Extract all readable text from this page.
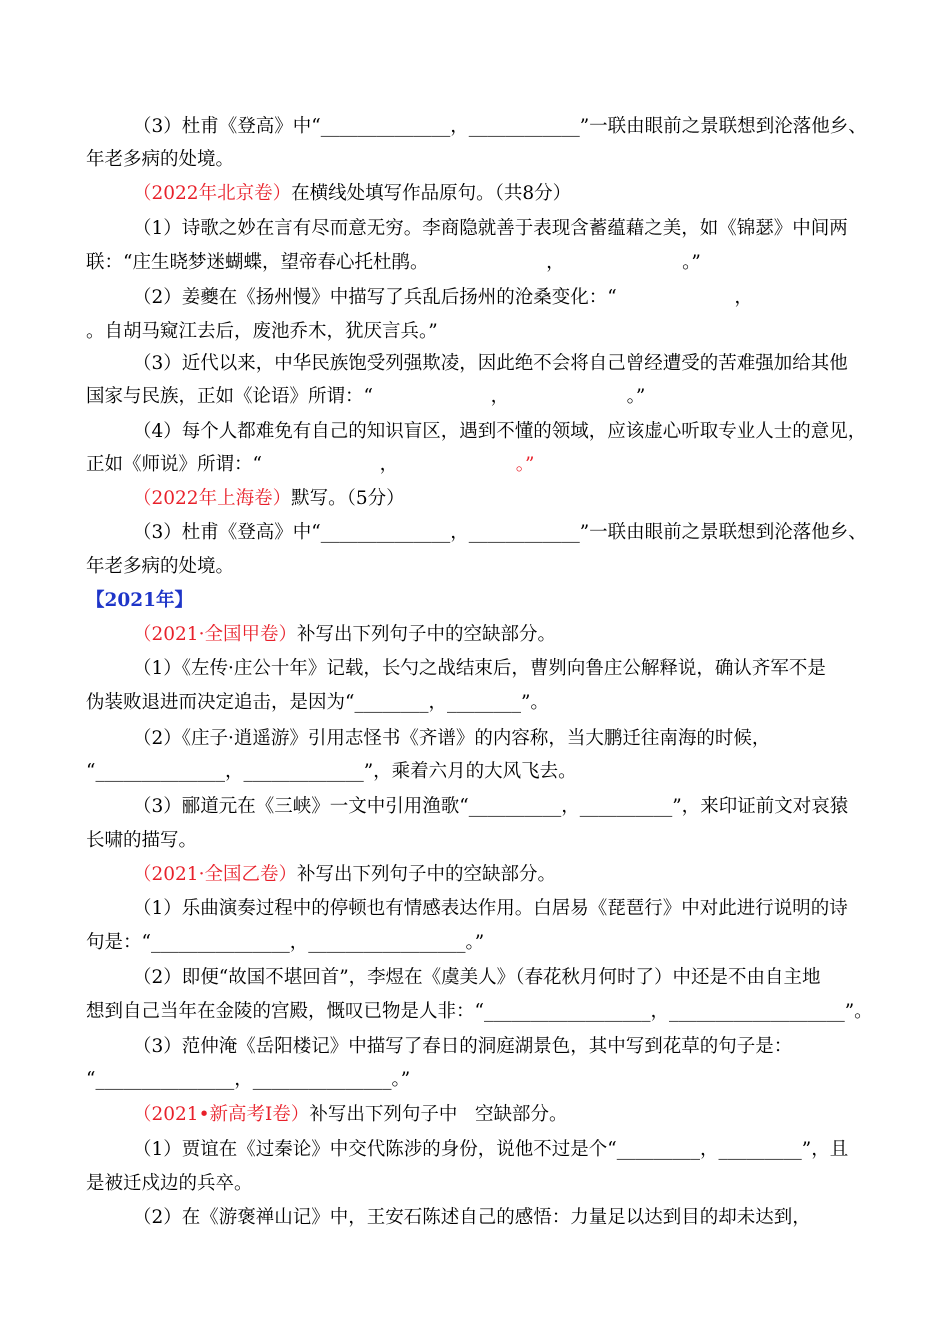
（3）杜甫《登高》中“______________，____________”一联由眼前之景联想到沦落他乡、
年老多病的处境。
（2022年北京卷）在横线处填写作品原句。（共8分）
（1）诗歌之妙在言有尽而意无穷。李商隐就善于表现含蓄蕴藉之美，如《锦瑟》中间两
联：“庄生晓梦迷蝴蝶，望帝春心托杜鹃。                    ，                    。”
（2）姜夔在《扬州慢》中描写了兵乱后扬州的沧桑变化：“                    ，
。自胡马窥江去后，废池乔木，犹厌言兵。”
（3）近代以来，中华民族饱受列强欺凌，因此绝不会将自己曾经遭受的苦难强加给其他
国家与民族，正如《论语》所谓：“                    ，                    。”
（4）每个人都难免有自己的知识盲区，遇到不懂的领域，应该虚心听取专业人士的意见，
正如《师说》所谓：“                    ，                    。”
（2022年上海卷）默写。（5分）
（3）杜甫《登高》中“______________，____________”一联由眼前之景联想到沦落他乡、
年老多病的处境。
【2021年】
（2021·全国甲卷）补写出下列句子中的空缺部分。
（1）《左传·庄公十年》记载，长勺之战结束后，曹刿向鲁庄公解释说，确认齐军不是
伪装败退进而决定追击，是因为“________，________”。
（2）《庄子·逍遥游》引用志怪书《齐谱》的内容称，当大鹏迁往南海的时候，
“______________，_____________”，乘着六月的大风飞去。
（3）郦道元在《三峡》一文中引用渔歌“__________，__________”，来印证前文对哀猿
长啸的描写。
（2021·全国乙卷）补写出下列句子中的空缺部分。
（1）乐曲演奏过程中的停顿也有情感表达作用。白居易《琵琶行》中对此进行说明的诗
句是：“_______________，_________________。”
（2）即便“故国不堪回首”，李煜在《虞美人》（春花秋月何时了）中还是不由自主地
想到自己当年在金陵的宫殿，慨叹已物是人非：“__________________，___________________”。
（3）范仲淹《岳阳楼记》中描写了春日的洞庭湖景色，其中写到花草的句子是：
“_______________，_______________。”
（2021•新高考Ⅰ卷）补写出下列句子中   空缺部分。
（1）贾谊在《过秦论》中交代陈涉的身份，说他不过是个“_________，_________”，且
是被迁戍边的兵卒。
（2）在《游褒禅山记》中，王安石陈述自己的感悟：力量足以达到目的却未达到，
